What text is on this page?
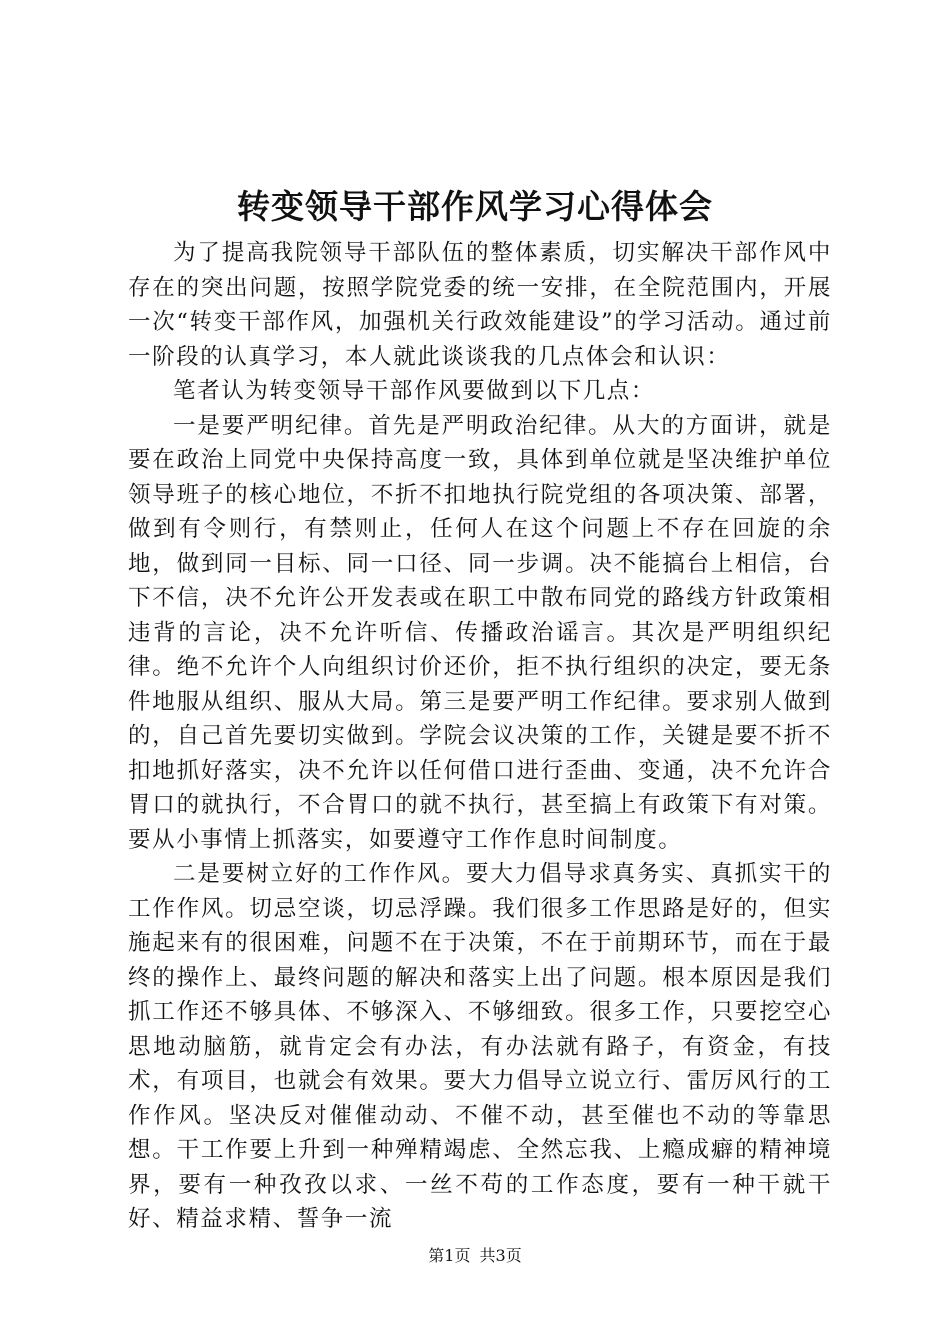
转变领导干部作风学习心得体会

为了提高我院领导干部队伍的整体素质，切实解决干部作风中存在的突出问题，按照学院党委的统一安排，在全院范围内，开展一次“转变干部作风，加强机关行政效能建设”的学习活动。通过前一阶段的认真学习，本人就此谈谈我的几点体会和认识：

笔者认为转变领导干部作风要做到以下几点：

一是要严明纪律。首先是严明政治纪律。从大的方面讲，就是要在政治上同党中央保持高度一致，具体到单位就是坚决维护单位领导班子的核心地位，不折不扣地执行院党组的各项决策、部署，做到有令则行，有禁则止，任何人在这个问题上不存在回旋的余地，做到同一目标、同一口径、同一步调。决不能搞台上相信，台下不信，决不允许公开发表或在职工中散布同党的路线方针政策相违背的言论，决不允许听信、传播政治谣言。其次是严明组织纪律。绝不允许个人向组织讨价还价，拒不执行组织的决定，要无条件地服从组织、服从大局。第三是要严明工作纪律。要求别人做到的，自己首先要切实做到。学院会议决策的工作，关键是要不折不扣地抓好落实，决不允许以任何借口进行歪曲、变通，决不允许合胃口的就执行，不合胃口的就不执行，甚至搞上有政策下有对策。要从小事情上抓落实，如要遵守工作作息时间制度。

二是要树立好的工作作风。要大力倡导求真务实、真抓实干的工作作风。切忌空谈，切忌浮躁。我们很多工作思路是好的，但实施起来有的很困难，问题不在于决策，不在于前期环节，而在于最终的操作上、最终问题的解决和落实上出了问题。根本原因是我们抓工作还不够具体、不够深入、不够细致。很多工作，只要挖空心思地动脑筋，就肯定会有办法，有办法就有路子，有资金，有技术，有项目，也就会有效果。要大力倡导立说立行、雷厉风行的工作作风。坚决反对催催动动、不催不动，甚至催也不动的等靠思想。干工作要上升到一种殚精竭虑、全然忘我、上瘾成癖的精神境界，要有一种孜孜以求、一丝不苟的工作态度，要有一种干就干好、精益求精、誓争一流

第1页 共3页
